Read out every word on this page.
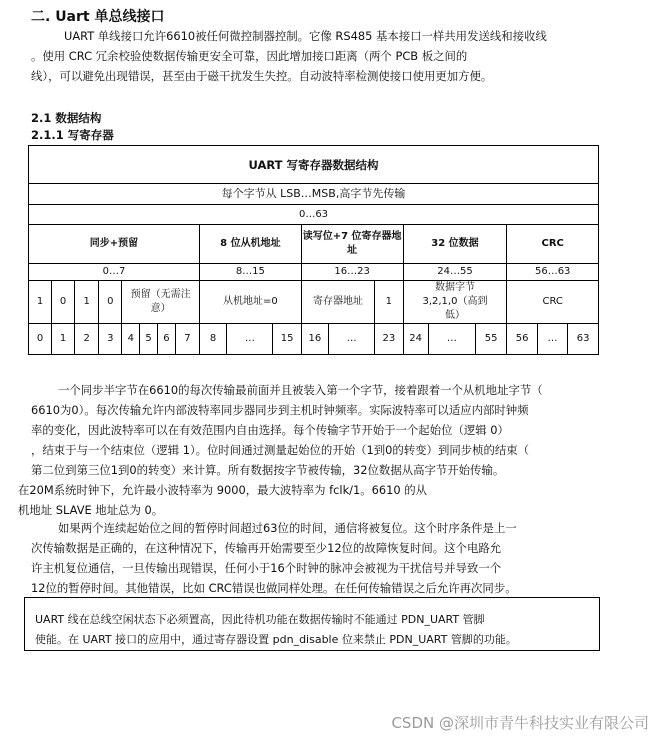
二. Uart 单总线接口
UART 单线接口允许6610被任何微控制器控制。它像 RS485 基本接口一样共用发送线和接收线
。使用 CRC 冗余校验使数据传输更安全可靠，因此增加接口距离（两个 PCB 板之间的
线），可以避免出现错误，甚至由于磁干扰发生失控。自动波特率检测使接口使用更加方便。
2.1 数据结构
2.1.1 写寄存器
UART 写寄存器数据结构																			
每个字节从 LSB…MSB,高字节先传输																			
0…63																			
同步+预留								8 位从机地址			读写位+7 位寄存器地址			32 位数据			CRC		
0…7								8…15			16…23			24…55			56…63		
1	0	1	0	预留（无需注意）				从机地址=0			寄存器地址		1	数据字节 3,2,1,0（高到低）			CRC		
0	1	2	3	4	5	6	7	8	…	15	16	…	23	24	…	55	56	…	63
一个同步半字节在6610的每次传输最前面并且被装入第一个字节，接着跟着一个从机地址字节（
6610为0）。每次传输允许内部波特率同步器同步到主机时钟频率。实际波特率可以适应内部时钟频
率的变化，因此波特率可以在有效范围内自由选择。每个传输字节开始于一个起始位（逻辑 0）
，结束于与一个结束位（逻辑 1）。位时间通过测量起始位的开始（1到0的转变）到同步桢的结束（
第二位到第三位1到0的转变）来计算。所有数据按字节被传输，32位数据从高字节开始传输。
在20M系统时钟下，允许最小波特率为 9000，最大波特率为 fclk/1。6610 的从
机地址 SLAVE 地址总为 0。
如果两个连续起始位之间的暂停时间超过63位的时间，通信将被复位。这个时序条件是上一
次传输数据是正确的，在这种情况下，传输再开始需要至少12位的故障恢复时间。这个电路允
许主机复位通信，一旦传输出现错误，任何小于16个时钟的脉冲会被视为干扰信号并导致一个
12位的暂停时间。其他错误，比如 CRC错误也做同样处理。在任何传输错误之后允许再次同步。
UART 线在总线空闲状态下必须置高，因此待机功能在数据传输时不能通过 PDN_UART 管脚
使能。在 UART 接口的应用中，通过寄存器设置 pdn_disable 位来禁止 PDN_UART 管脚的功能。
CSDN @深圳市青牛科技实业有限公司
